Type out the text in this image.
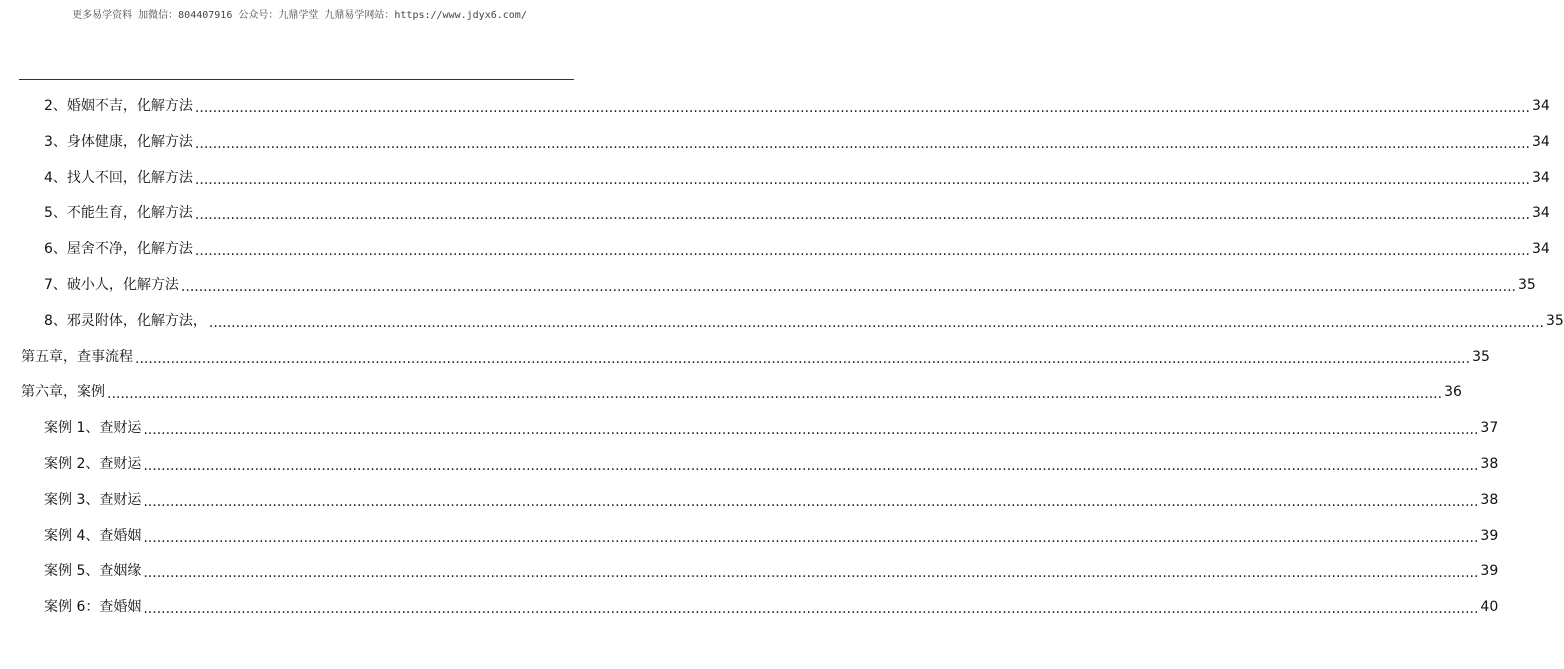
更多易学资料 加微信：804407916 公众号：九鼎学堂 九鼎易学网站：https://www.jdyx6.com/
2、婚姻不吉，化解方法 ............................................................................................................................................................................................................................................................................................................ 34
3、身体健康，化解方法 ............................................................................................................................................................................................................................................................................................................ 34
4、找人不回，化解方法 ............................................................................................................................................................................................................................................................................................................ 34
5、不能生育，化解方法 ............................................................................................................................................................................................................................................................................................................ 34
6、屋舍不净，化解方法 ............................................................................................................................................................................................................................................................................................................ 34
7、破小人，化解方法 ............................................................................................................................................................................................................................................................................................................ 35
8、邪灵附体，化解方法， ............................................................................................................................................................................................................................................................................................................ 35
第五章，查事流程 ............................................................................................................................................................................................................................................................................................................ 35
第六章，案例 ............................................................................................................................................................................................................................................................................................................ 36
案例 1、查财运 ............................................................................................................................................................................................................................................................................................................ 37
案例 2、查财运 ............................................................................................................................................................................................................................................................................................................ 38
案例 3、查财运 ............................................................................................................................................................................................................................................................................................................ 38
案例 4、查婚姻 ............................................................................................................................................................................................................................................................................................................ 39
案例 5、查姻缘 ............................................................................................................................................................................................................................................................................................................ 39
案例 6：查婚姻 ............................................................................................................................................................................................................................................................................................................ 40
